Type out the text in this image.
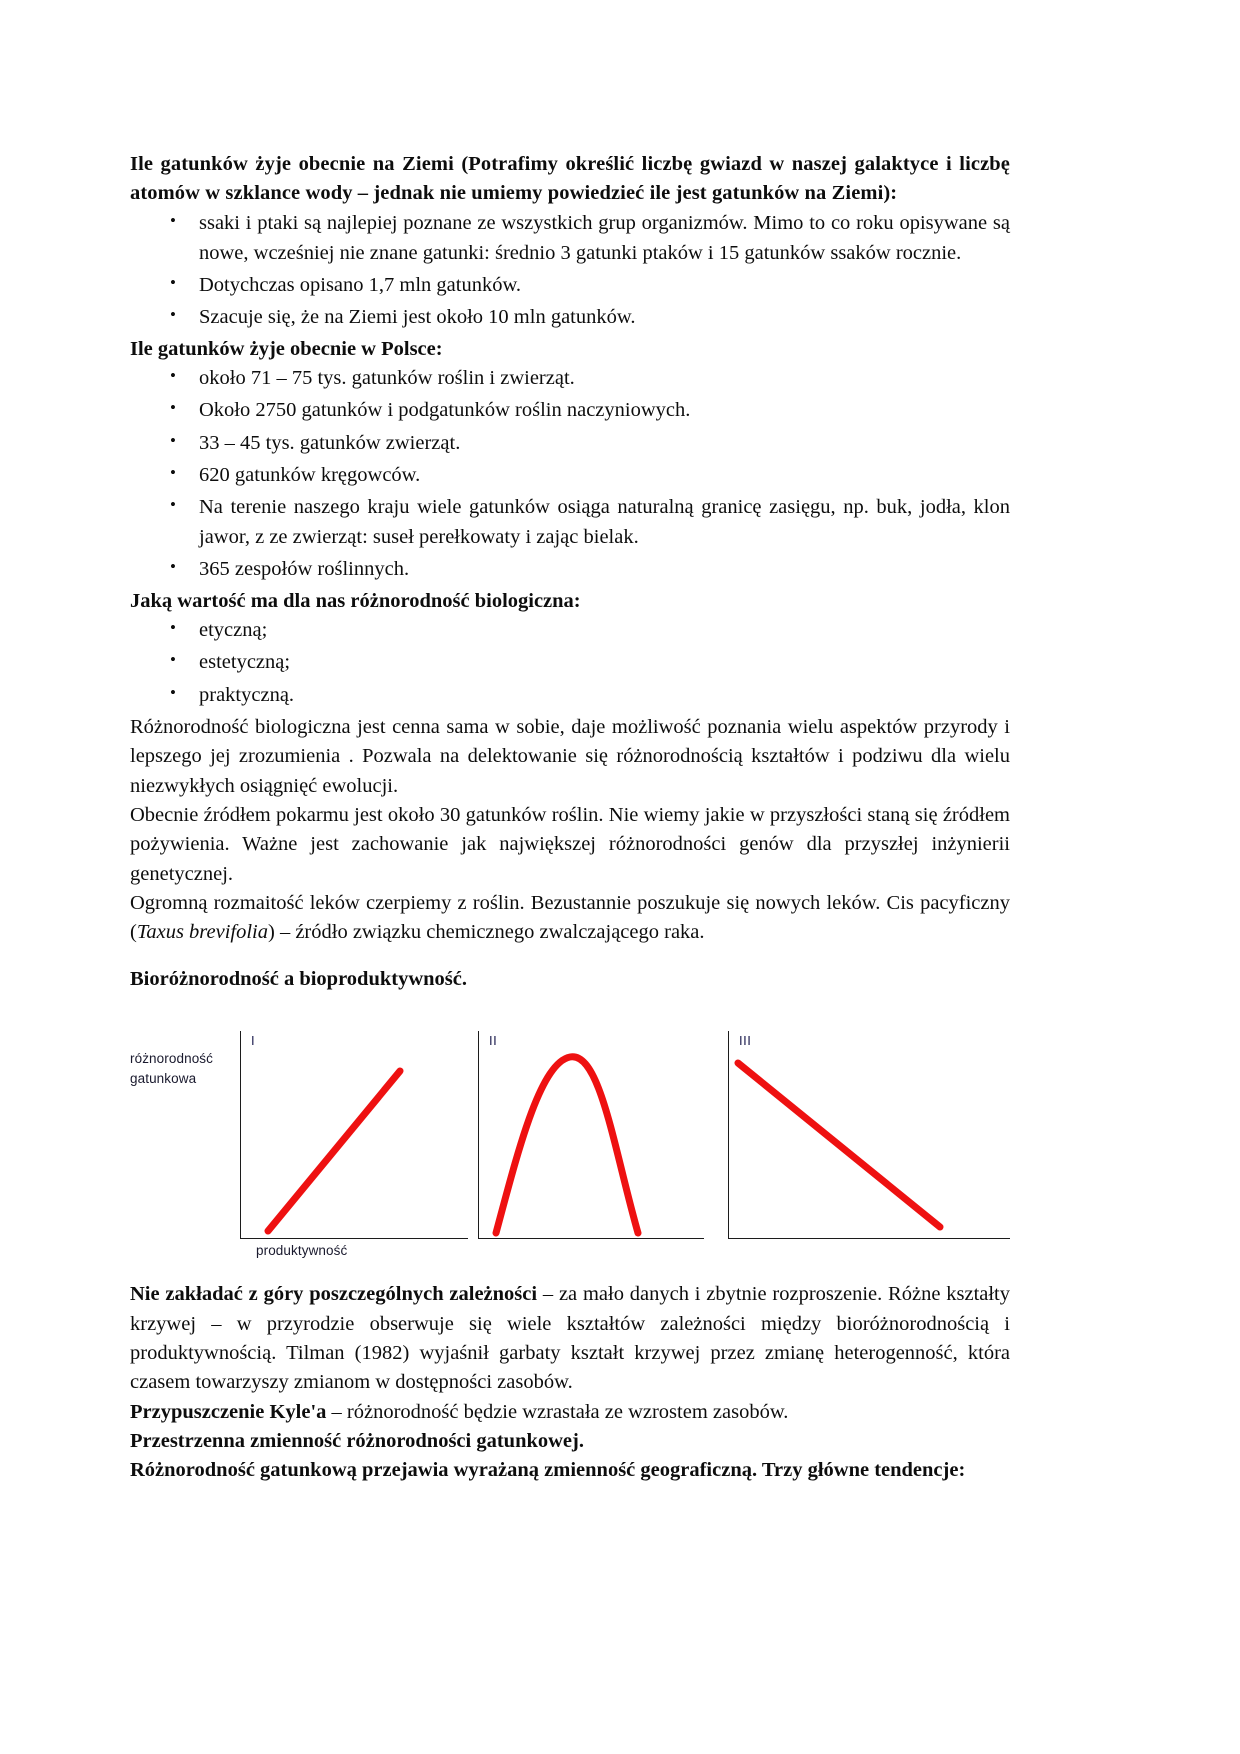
Ile gatunków żyje obecnie na Ziemi (Potrafimy określić liczbę gwiazd w naszej galaktyce i liczbę atomów w szklance wody – jednak nie umiemy powiedzieć ile jest gatunków na Ziemi):
• ssaki i ptaki są najlepiej poznane ze wszystkich grup organizmów. Mimo to co roku opisywane są nowe, wcześniej nie znane gatunki: średnio 3 gatunki ptaków i 15 gatunków ssaków rocznie.
• Dotychczas opisano 1,7 mln gatunków.
• Szacuje się, że na Ziemi jest około 10 mln gatunków.
Ile gatunków żyje obecnie w Polsce:
• około 71 – 75 tys. gatunków roślin i zwierząt.
• Około 2750 gatunków i podgatunków roślin naczyniowych.
• 33 – 45 tys. gatunków zwierząt.
• 620 gatunków kręgowców.
• Na terenie naszego kraju wiele gatunków osiąga naturalną granicę zasięgu, np. buk, jodła, klon jawor, z ze zwierząt: suseł perełkowaty i zając bielak.
• 365 zespołów roślinnych.
Jaką wartość ma dla nas różnorodność biologiczna:
• etyczną;
• estetyczną;
• praktyczną.

Różnorodność biologiczna jest cenna sama w sobie, daje możliwość poznania wielu aspektów przyrody i lepszego jej zrozumienia . Pozwala na delektowanie się różnorodnością kształtów i podziwu dla wielu niezwykłych osiągnięć ewolucji.

Obecnie źródłem pokarmu jest około 30 gatunków roślin. Nie wiemy jakie w przyszłości staną się źródłem pożywienia. Ważne jest zachowanie jak największej różnorodności genów dla przyszłej inżynierii genetycznej.

Ogromną rozmaitość leków czerpiemy z roślin. Bezustannie poszukuje się nowych leków. Cis pacyficzny (Taxus brevifolia) – źródło związku chemicznego zwalczającego raka.

Bioróżnorodność a bioproduktywność.
różnorodność gatunkowa
produktywność
I	II	III

Nie zakładać z góry poszczególnych zależności – za mało danych i zbytnie rozproszenie. Różne kształty krzywej – w przyrodzie obserwuje się wiele kształtów zależności między bioróżnorodnością i produktywnością. Tilman (1982) wyjaśnił garbaty kształt krzywej przez zmianę heterogenność, która czasem towarzyszy zmianom w dostępności zasobów.

Przypuszczenie Kyle'a – różnorodność będzie wzrastała ze wzrostem zasobów.

Przestrzenna zmienność różnorodności gatunkowej.

Różnorodność gatunkową przejawia wyrażaną zmienność geograficzną. Trzy główne tendencje:
